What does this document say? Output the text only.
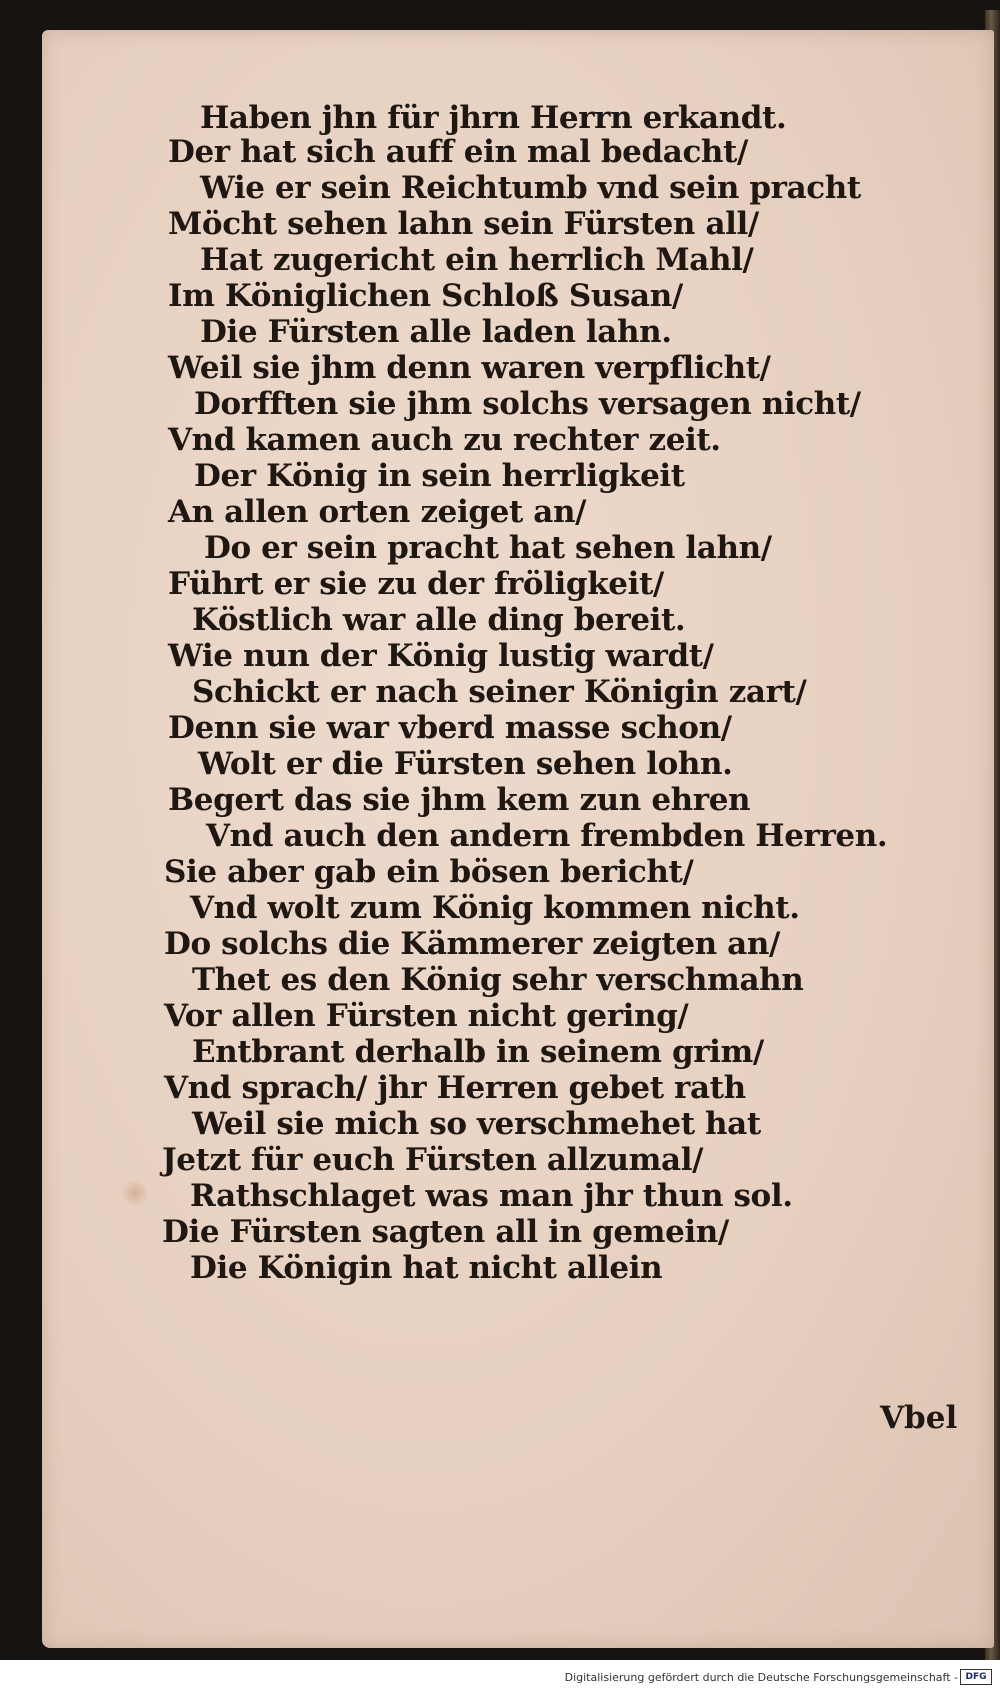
Haben jhn für jhrn Herrn erkandt.
Der hat sich auff ein mal bedacht/
Wie er sein Reichtumb vnd sein pracht
Möcht sehen lahn sein Fürsten all/
Hat zugericht ein herrlich Mahl/
Im Königlichen Schloß Susan/
Die Fürsten alle laden lahn.
Weil sie jhm denn waren verpflicht/
Dorfften sie jhm solchs versagen nicht/
Vnd kamen auch zu rechter zeit.
Der König in sein herrligkeit
An allen orten zeiget an/
Do er sein pracht hat sehen lahn/
Führt er sie zu der fröligkeit/
Köstlich war alle ding bereit.
Wie nun der König lustig wardt/
Schickt er nach seiner Königin zart/
Denn sie war vberd masse schon/
Wolt er die Fürsten sehen lohn.
Begert das sie jhm kem zun ehren
Vnd auch den andern frembden Herren.
Sie aber gab ein bösen bericht/
Vnd wolt zum König kommen nicht.
Do solchs die Kämmerer zeigten an/
Thet es den König sehr verschmahn
Vor allen Fürsten nicht gering/
Entbrant derhalb in seinem grim/
Vnd sprach/ jhr Herren gebet rath
Weil sie mich so verschmehet hat
Jetzt für euch Fürsten allzumal/
Rathschlaget was man jhr thun sol.
Die Fürsten sagten all in gemein/
Die Königin hat nicht allein
Vbel
Digitalisierung gefördert durch die Deutsche Forschungsgemeinschaft - DFG
